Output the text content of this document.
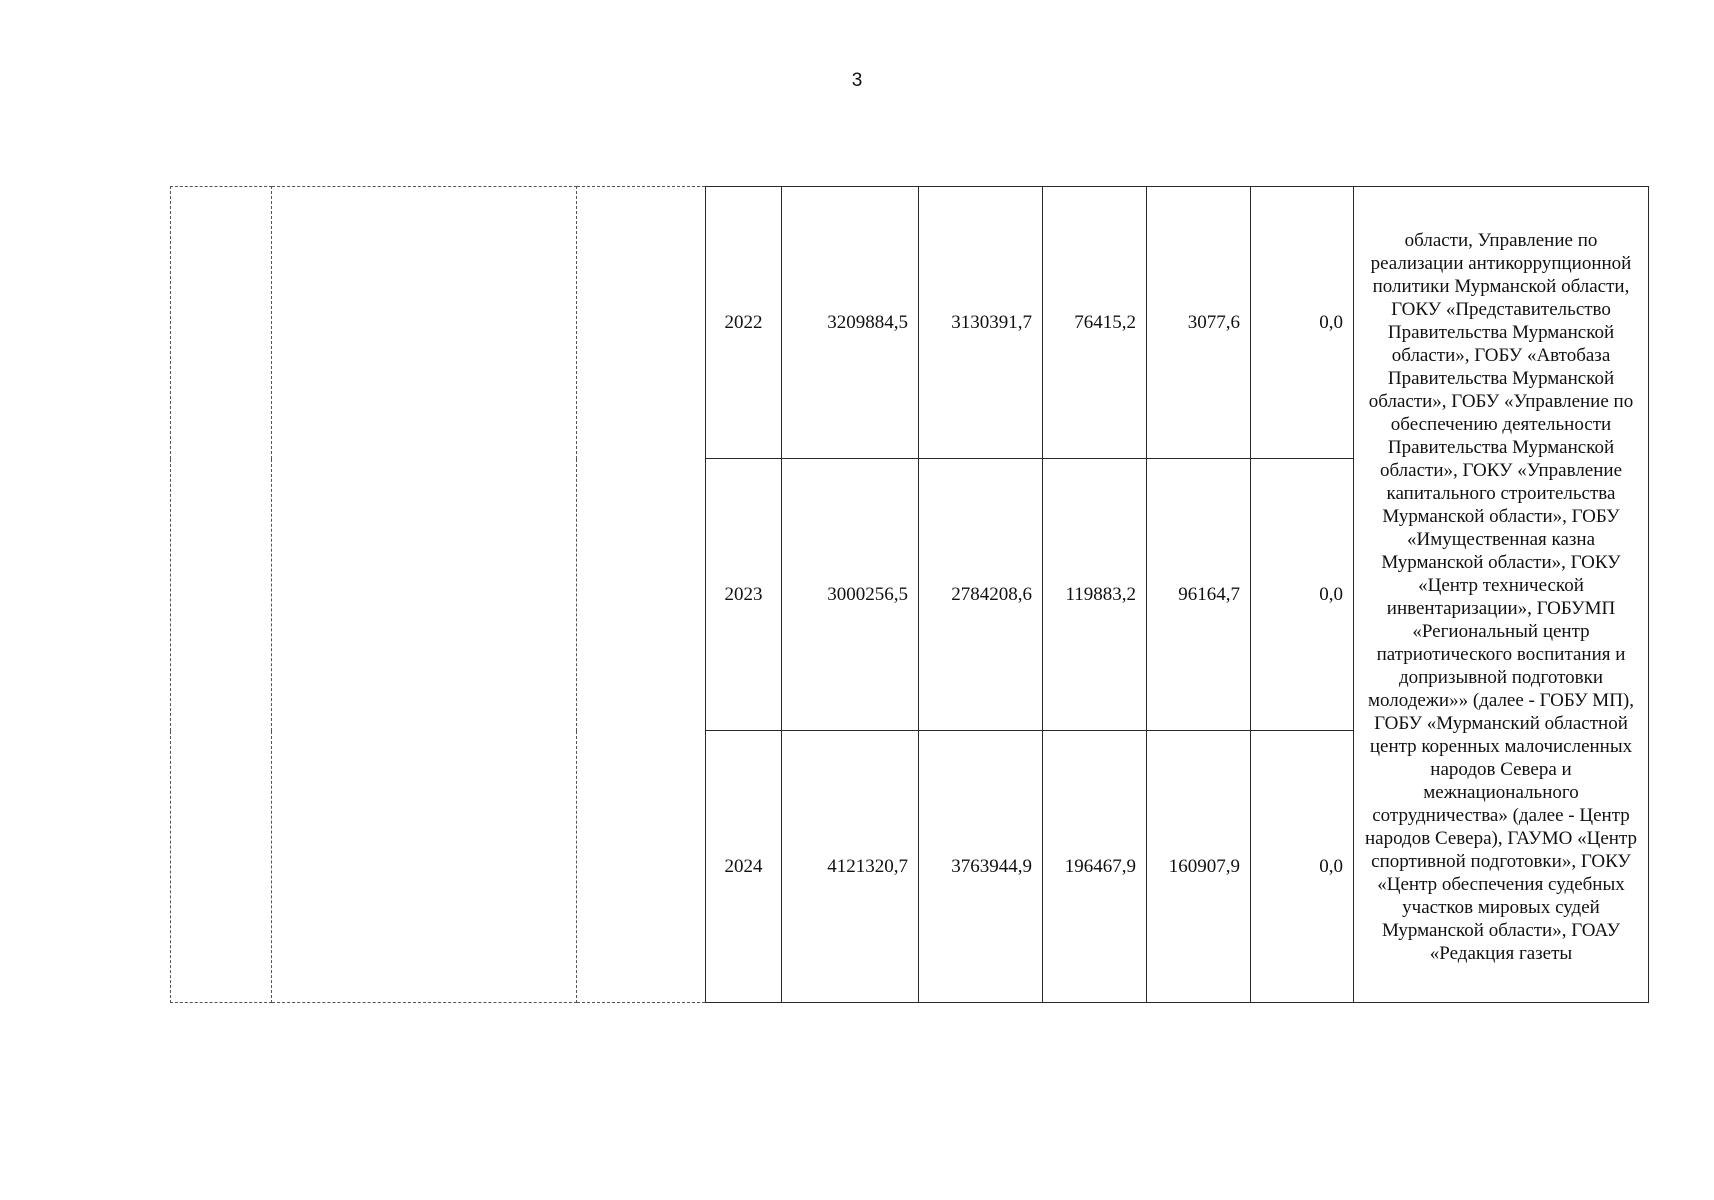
3
			2022	3209884,5	3130391,7	76415,2	3077,6	0,0	области, Управление по реализации антикоррупционной политики Мурманской области, ГОКУ «Представительство Правительства Мурманской области», ГОБУ «Автобаза Правительства Мурманской области», ГОБУ «Управление по обеспечению деятельности Правительства Мурманской области», ГОКУ «Управление капитального строительства Мурманской области», ГОБУ «Имущественная казна Мурманской области», ГОКУ «Центр технической инвентаризации», ГОБУМП «Региональный центр патриотического воспитания и допризывной подготовки молодежи»» (далее - ГОБУ МП), ГОБУ «Мурманский областной центр коренных малочисленных народов Севера и межнационального сотрудничества» (далее - Центр народов Севера), ГАУМО «Центр спортивной подготовки», ГОКУ «Центр обеспечения судебных участков мировых судей Мурманской области», ГОАУ «Редакция газеты

			2023	3000256,5	2784208,6	119883,2	96164,7	0,0	
			2024	4121320,7	3763944,9	196467,9	160907,9	0,0	
